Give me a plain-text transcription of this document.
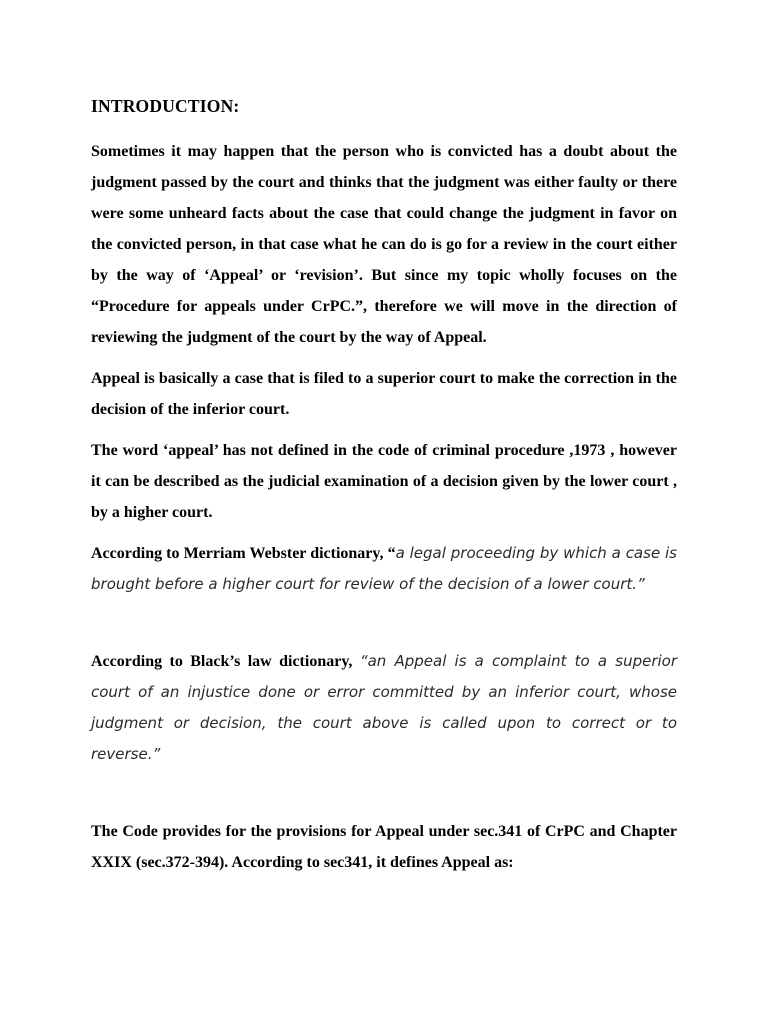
INTRODUCTION:

Sometimes it may happen that the person who is convicted has a doubt about the judgment passed by the court and thinks that the judgment was either faulty or there were some unheard facts about the case that could change the judgment in favor on the convicted person, in that case what he can do is go for a review in the court either by the way of ‘Appeal’ or ‘revision’. But since my topic wholly focuses on the “Procedure for appeals under CrPC.”, therefore we will move in the direction of reviewing the judgment of the court by the way of Appeal.

Appeal is basically a case that is filed to a superior court to make the correction in the decision of the inferior court.

The word ‘appeal’ has not defined in the code of criminal procedure ,1973 , however it can be described as the judicial examination of a decision given by the lower court , by a higher court.

According to Merriam Webster dictionary, “a legal proceeding by which a case is brought before a higher court for review of the decision of a lower court.”

According to Black’s law dictionary, “an Appeal is a complaint to a superior court of an injustice done or error committed by an inferior court, whose judgment or decision, the court above is called upon to correct or to reverse.”

The Code provides for the provisions for Appeal under sec.341 of CrPC and Chapter XXIX (sec.372-394). According to sec341, it defines Appeal as:
